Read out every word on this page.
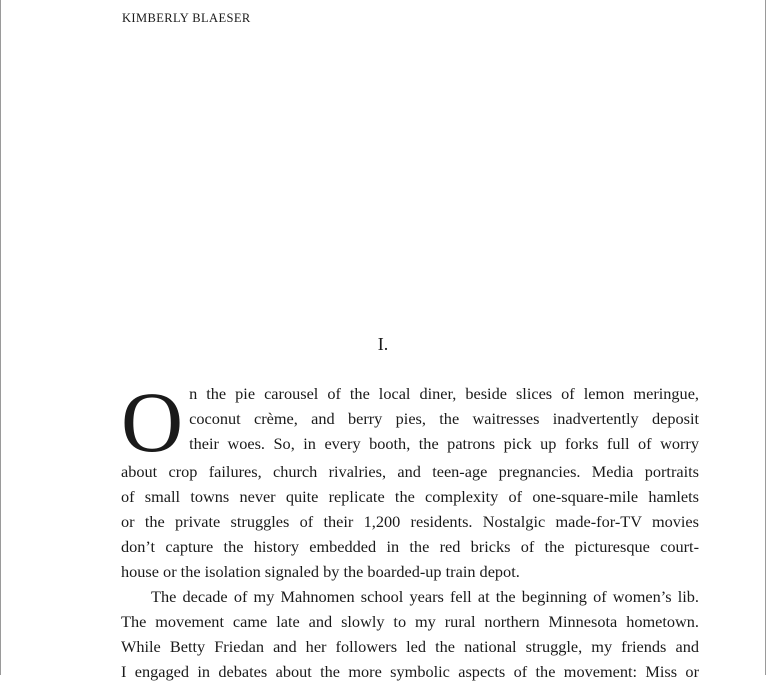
KIMBERLY BLAESER
I.
O n the pie carousel of the local diner, beside slices of lemon meringue,
coconut crème, and berry pies, the waitresses inadvertently deposit
their woes. So, in every booth, the patrons pick up forks full of worry
about crop failures, church rivalries, and teen-age pregnancies. Media portraits
of small towns never quite replicate the complexity of one-square-mile hamlets
or the private struggles of their 1,200 residents. Nostalgic made-for-TV movies
don’t capture the history embedded in the red bricks of the picturesque court-
house or the isolation signaled by the boarded-up train depot.
The decade of my Mahnomen school years fell at the beginning of women’s lib.
The movement came late and slowly to my rural northern Minnesota hometown.
While Betty Friedan and her followers led the national struggle, my friends and
I engaged in debates about the more symbolic aspects of the movement: Miss or
